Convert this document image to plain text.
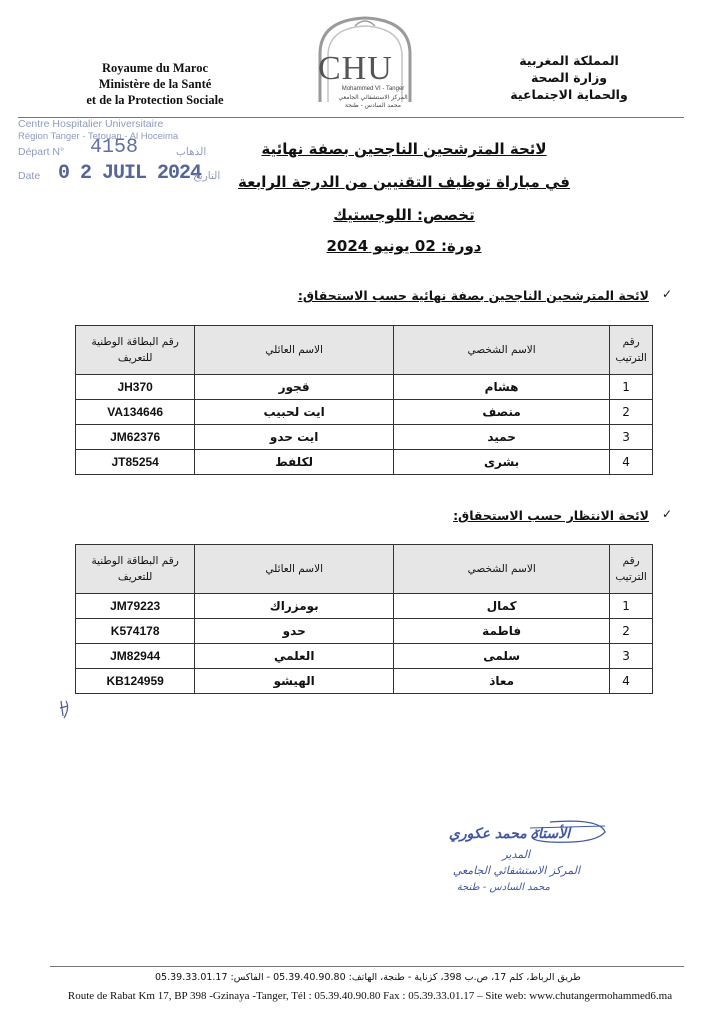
Royaume du Maroc
Ministère de la Santé
et de la Protection Sociale
CHU
Mohammed VI - Tanger
المركز الاستشفائي الجامعي
محمد السادس - طنجة
المملكة المغربية
وزارة الصحة
والحماية الاجتماعية
Centre Hospitalier Universitaire
Région Tanger - Tetouan - Al Hoceima
Départ N° 4158	الذهاب
Date 0 2 JUIL 2024
التاريخ
لائحة المترشحين الناجحين بصفة نهائية
في مباراة توظيف التقنيين من الدرجة الرابعة
تخصص: اللوجستيك
دورة: 02 يونيو 2024
✓
لائحة المترشحين الناجحين بصفة نهائية حسب الاستحقاق:
رقم
الترتيب	الاسم الشخصي	الاسم العائلي	رقم البطاقة الوطنية
للتعريف
1	هشام	قجور	JH370
2	منصف	ايت لحبيب	VA134646
3	حميد	ايت حدو	JM62376
4	بشرى	لكلفط	JT85254
✓
لائحة الانتظار حسب الاستحقاق:
رقم
الترتيب	الاسم الشخصي	الاسم العائلي	رقم البطاقة الوطنية
للتعريف
1	كمال	بومزراك	JM79223
2	فاطمة	حدو	K574178
3	سلمى	العلمي	JM82944
4	معاذ	الهيشو	KB124959
الأستاذ محمد عكوري
المدير
المركز الاستشفائي الجامعي
محمد السادس - طنجة
طريق الرباط، كلم 17، ص.ب 398، كزناية - طنجة، الهاتف: 05.39.40.90.80 - الفاكس: 05.39.33.01.17
Route de Rabat Km 17, BP 398 -Gzinaya -Tanger, Tél : 05.39.40.90.80 Fax : 05.39.33.01.17 – Site web: www.chutangermohammed6.ma
